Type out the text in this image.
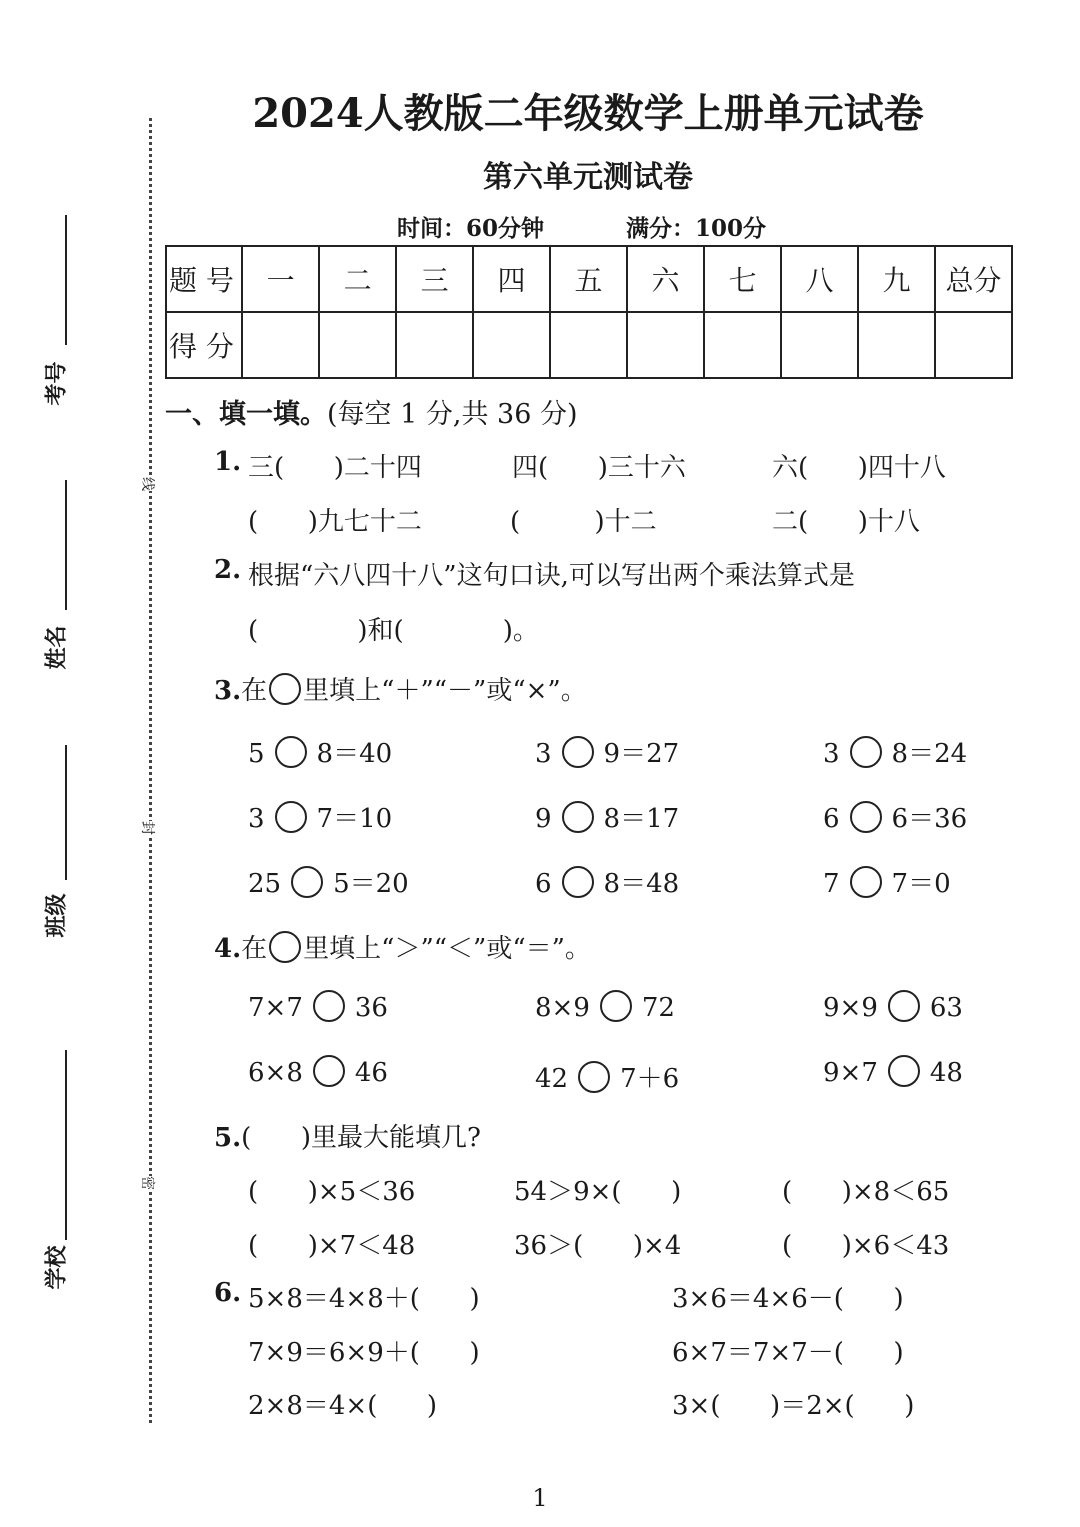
2024人教版二年级数学上册单元试卷
第六单元测试卷
时间：60分钟	满分：100分
题 号	一	二	三	四	五	六	七	八	九	总分
得 分										
线
封
密
考号
姓名
班级
学校
一、填一填。(每空 1 分,共 36 分)
1. 三(      )二十四	四(      )三十六	六(      )四十八
(      )九七十二	(         )十二	二(      )十八
2. 根据“六八四十八”这句口诀,可以写出两个乘法算式是
(            )和(            )。
3.在 里填上“＋”“－”或“×”。
4.在 里填上“＞”“＜”或“＝”。
5.(      )里最大能填几?
(      )×5＜36	54＞9×(      )	(      )×8＜65
(      )×7＜48	36＞(      )×4	(      )×6＜43
6. 5×8＝4×8＋(      )	3×6＝4×6－(      )
7×9＝6×9＋(      )	6×7＝7×7－(      )
2×8＝4×(      )	3×(      )＝2×(      )
1
5 8＝40	3 9＝27	3 8＝24
3 7＝10	9 8＝17	6 6＝36
25 5＝20	6 8＝48	7 7＝0
7×7 36	8×9 72	9×9 63
6×8 46	42 7＋6	9×7 48
